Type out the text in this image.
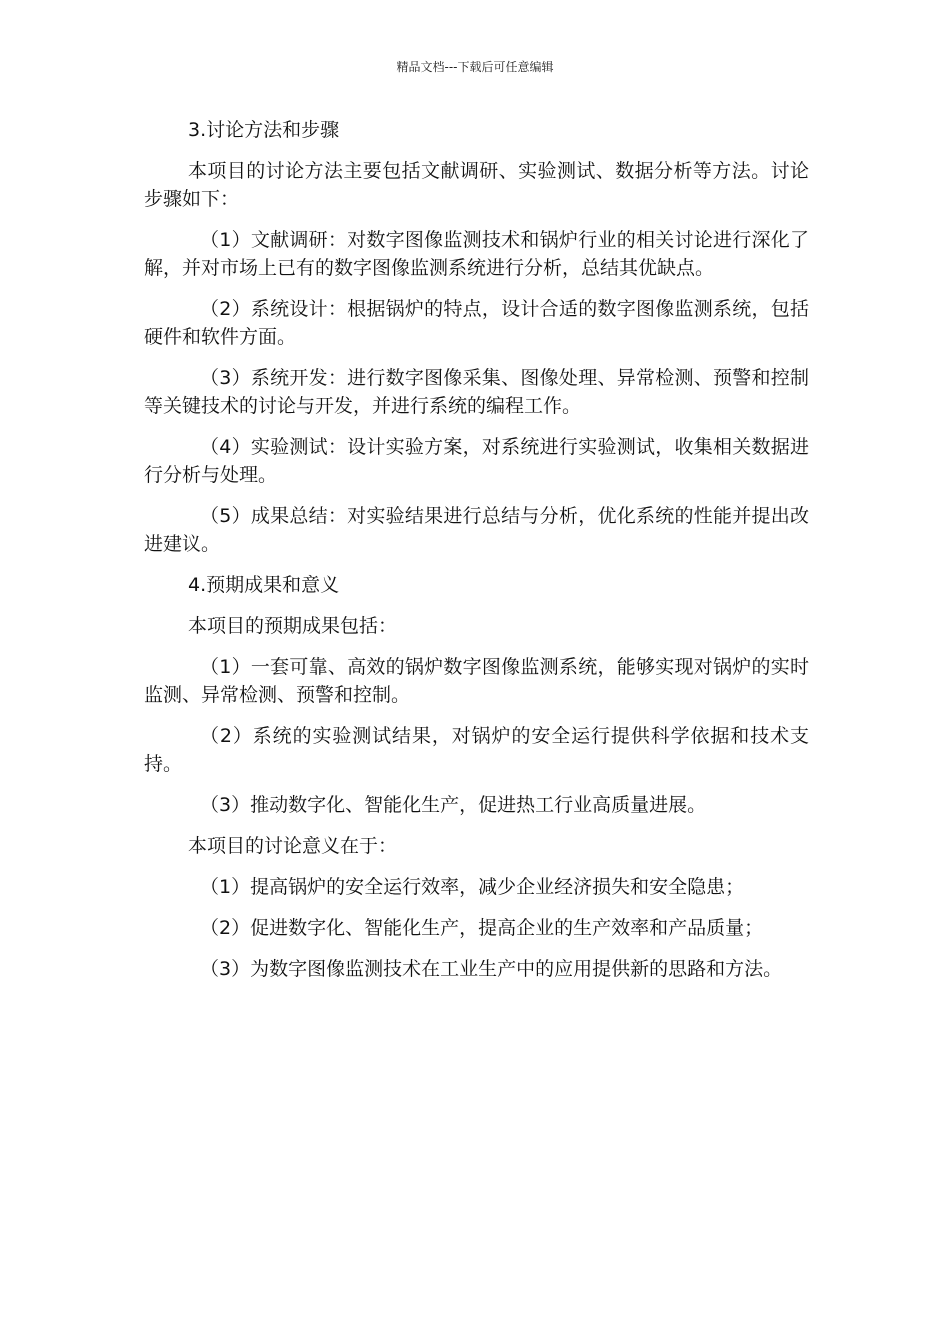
精品文档---下载后可任意编辑

3.讨论方法和步骤

本项目的讨论方法主要包括文献调研、实验测试、数据分析等方法。讨论步骤如下：

（1）文献调研：对数字图像监测技术和锅炉行业的相关讨论进行深化了解，并对市场上已有的数字图像监测系统进行分析，总结其优缺点。

（2）系统设计：根据锅炉的特点，设计合适的数字图像监测系统，包括硬件和软件方面。

（3）系统开发：进行数字图像采集、图像处理、异常检测、预警和控制等关键技术的讨论与开发，并进行系统的编程工作。

（4）实验测试：设计实验方案，对系统进行实验测试，收集相关数据进行分析与处理。

（5）成果总结：对实验结果进行总结与分析，优化系统的性能并提出改进建议。

4.预期成果和意义

本项目的预期成果包括：

（1）一套可靠、高效的锅炉数字图像监测系统，能够实现对锅炉的实时监测、异常检测、预警和控制。

（2）系统的实验测试结果，对锅炉的安全运行提供科学依据和技术支持。

（3）推动数字化、智能化生产，促进热工行业高质量进展。

本项目的讨论意义在于：

（1）提高锅炉的安全运行效率，减少企业经济损失和安全隐患；

（2）促进数字化、智能化生产，提高企业的生产效率和产品质量；

（3）为数字图像监测技术在工业生产中的应用提供新的思路和方法。
